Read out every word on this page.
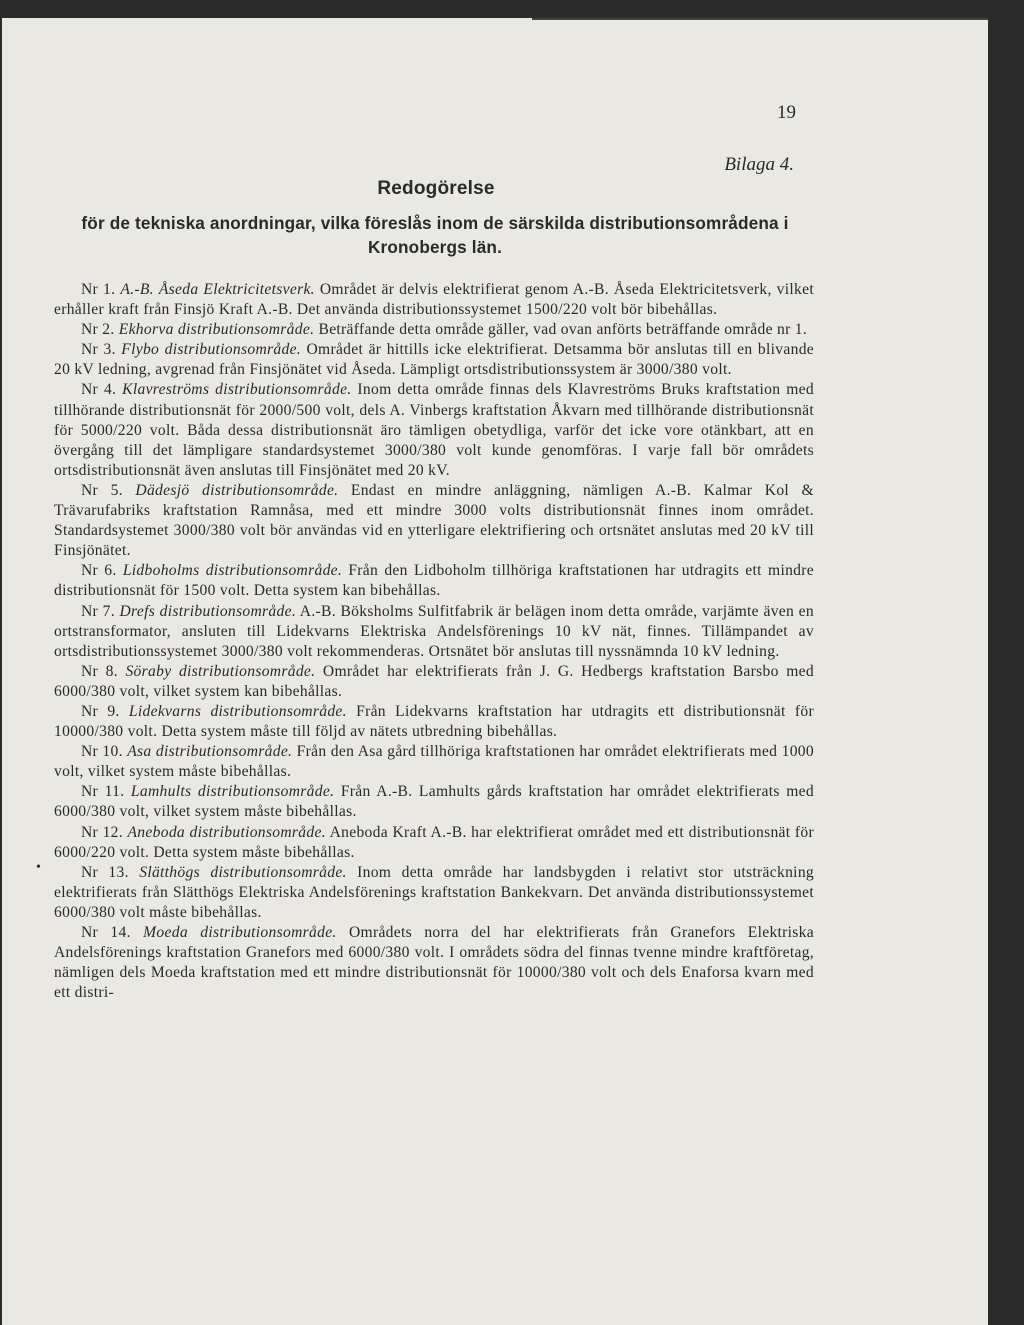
19
Bilaga 4.
Redogörelse
för de tekniska anordningar, vilka föreslås inom de särskilda distributionsområdena i Kronobergs län.

Nr 1. A.-B. Åseda Elektricitetsverk. Området är delvis elektrifierat genom A.-B. Åseda Elektricitetsverk, vilket erhåller kraft från Finsjö Kraft A.-B. Det använda distributionssystemet 1500/220 volt bör bibehållas.

Nr 2. Ekhorva distributionsområde. Beträffande detta område gäller, vad ovan anförts beträffande område nr 1.

Nr 3. Flybo distributionsområde. Området är hittills icke elektrifierat. Detsamma bör anslutas till en blivande 20 kV ledning, avgrenad från Finsjönätet vid Åseda. Lämpligt ortsdistributionssystem är 3000/380 volt.

Nr 4. Klavreströms distributionsområde. Inom detta område finnas dels Klavreströms Bruks kraftstation med tillhörande distributionsnät för 2000/500 volt, dels A. Vinbergs kraftstation Åkvarn med tillhörande distributionsnät för 5000/220 volt. Båda dessa distributionsnät äro tämligen obetydliga, varför det icke vore otänkbart, att en övergång till det lämpligare standardsystemet 3000/380 volt kunde genomföras. I varje fall bör områdets ortsdistributionsnät även anslutas till Finsjönätet med 20 kV.

Nr 5. Dädesjö distributionsområde. Endast en mindre anläggning, nämligen A.-B. Kalmar Kol & Trävarufabriks kraftstation Ramnåsa, med ett mindre 3000 volts distributionsnät finnes inom området. Standardsystemet 3000/380 volt bör användas vid en ytterligare elektrifiering och ortsnätet anslutas med 20 kV till Finsjönätet.

Nr 6. Lidboholms distributionsområde. Från den Lidboholm tillhöriga kraftstationen har utdragits ett mindre distributionsnät för 1500 volt. Detta system kan bibehållas.

Nr 7. Drefs distributionsområde. A.-B. Böksholms Sulfitfabrik är belägen inom detta område, varjämte även en ortstransformator, ansluten till Lidekvarns Elektriska Andelsförenings 10 kV nät, finnes. Tillämpandet av ortsdistributionssystemet 3000/380 volt rekommenderas. Ortsnätet bör anslutas till nyssnämnda 10 kV ledning.

Nr 8. Söraby distributionsområde. Området har elektrifierats från J. G. Hedbergs kraftstation Barsbo med 6000/380 volt, vilket system kan bibehållas.

Nr 9. Lidekvarns distributionsområde. Från Lidekvarns kraftstation har utdragits ett distributionsnät för 10000/380 volt. Detta system måste till följd av nätets utbredning bibehållas.

Nr 10. Asa distributionsområde. Från den Asa gård tillhöriga kraftstationen har området elektrifierats med 1000 volt, vilket system måste bibehållas.

Nr 11. Lamhults distributionsområde. Från A.-B. Lamhults gårds kraftstation har området elektrifierats med 6000/380 volt, vilket system måste bibehållas.

Nr 12. Aneboda distributionsområde. Aneboda Kraft A.-B. har elektrifierat området med ett distributionsnät för 6000/220 volt. Detta system måste bibehållas.

Nr 13. Slätthögs distributionsområde. Inom detta område har landsbygden i relativt stor utsträckning elektrifierats från Slätthögs Elektriska Andelsförenings kraftstation Bankekvarn. Det använda distributionssystemet 6000/380 volt måste bibehållas.

Nr 14. Moeda distributionsområde. Områdets norra del har elektrifierats från Granefors Elektriska Andelsförenings kraftstation Granefors med 6000/380 volt. I områdets södra del finnas tvenne mindre kraftföretag, nämligen dels Moeda kraftstation med ett mindre distributionsnät för 10000/380 volt och dels Enaforsa kvarn med ett distri-

•
